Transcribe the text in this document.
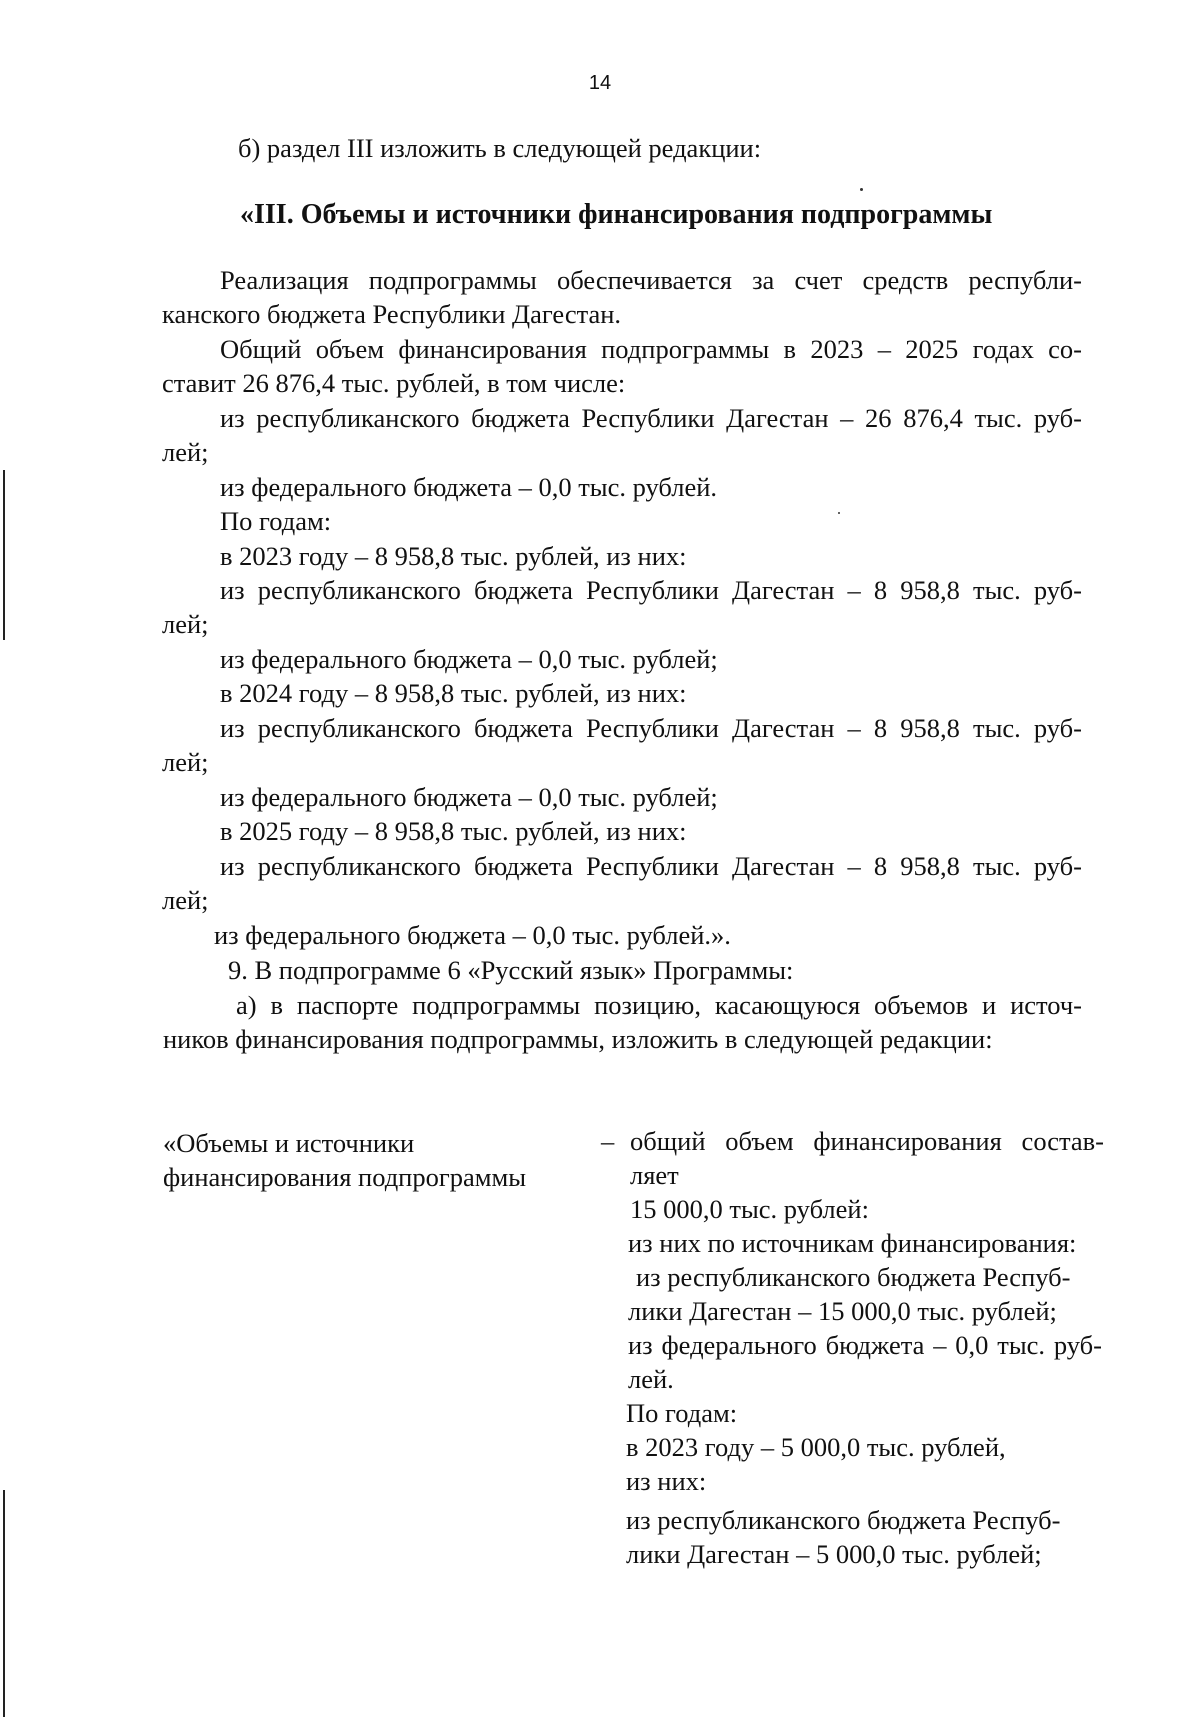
14
б) раздел III изложить в следующей редакции:
«III. Объемы и источники финансирования подпрограммы
Реализация подпрограммы обеспечивается за счет средств республи-
канского бюджета Республики Дагестан.
Общий объем финансирования подпрограммы в 2023 – 2025 годах со-
ставит 26 876,4 тыс. рублей, в том числе:
из республиканского бюджета Республики Дагестан – 26 876,4 тыс. руб-
лей;
из федерального бюджета – 0,0 тыс. рублей.
По годам:
в 2023 году – 8 958,8 тыс. рублей, из них:
из республиканского бюджета Республики Дагестан – 8 958,8 тыс. руб-
лей;
из федерального бюджета – 0,0 тыс. рублей;
в 2024 году – 8 958,8 тыс. рублей, из них:
из республиканского бюджета Республики Дагестан – 8 958,8 тыс. руб-
лей;
из федерального бюджета – 0,0 тыс. рублей;
в 2025 году – 8 958,8 тыс. рублей, из них:
из республиканского бюджета Республики Дагестан – 8 958,8 тыс. руб-
лей;
из федерального бюджета – 0,0 тыс. рублей.».
9. В подпрограмме 6 «Русский язык» Программы:
а) в паспорте подпрограммы позицию, касающуюся объемов и источ-
ников финансирования подпрограммы, изложить в следующей редакции:
«Объемы и источники
финансирования подпрограммы
– общий объем финансирования состав-
ляет
15 000,0 тыс. рублей:
из них по источникам финансирования:
из республиканского бюджета Респуб-
лики Дагестан – 15 000,0 тыс. рублей;
из федерального бюджета – 0,0 тыс. руб-
лей.
По годам:
в 2023 году – 5 000,0 тыс. рублей,
из них:
из республиканского бюджета Респуб-
лики Дагестан – 5 000,0 тыс. рублей;
